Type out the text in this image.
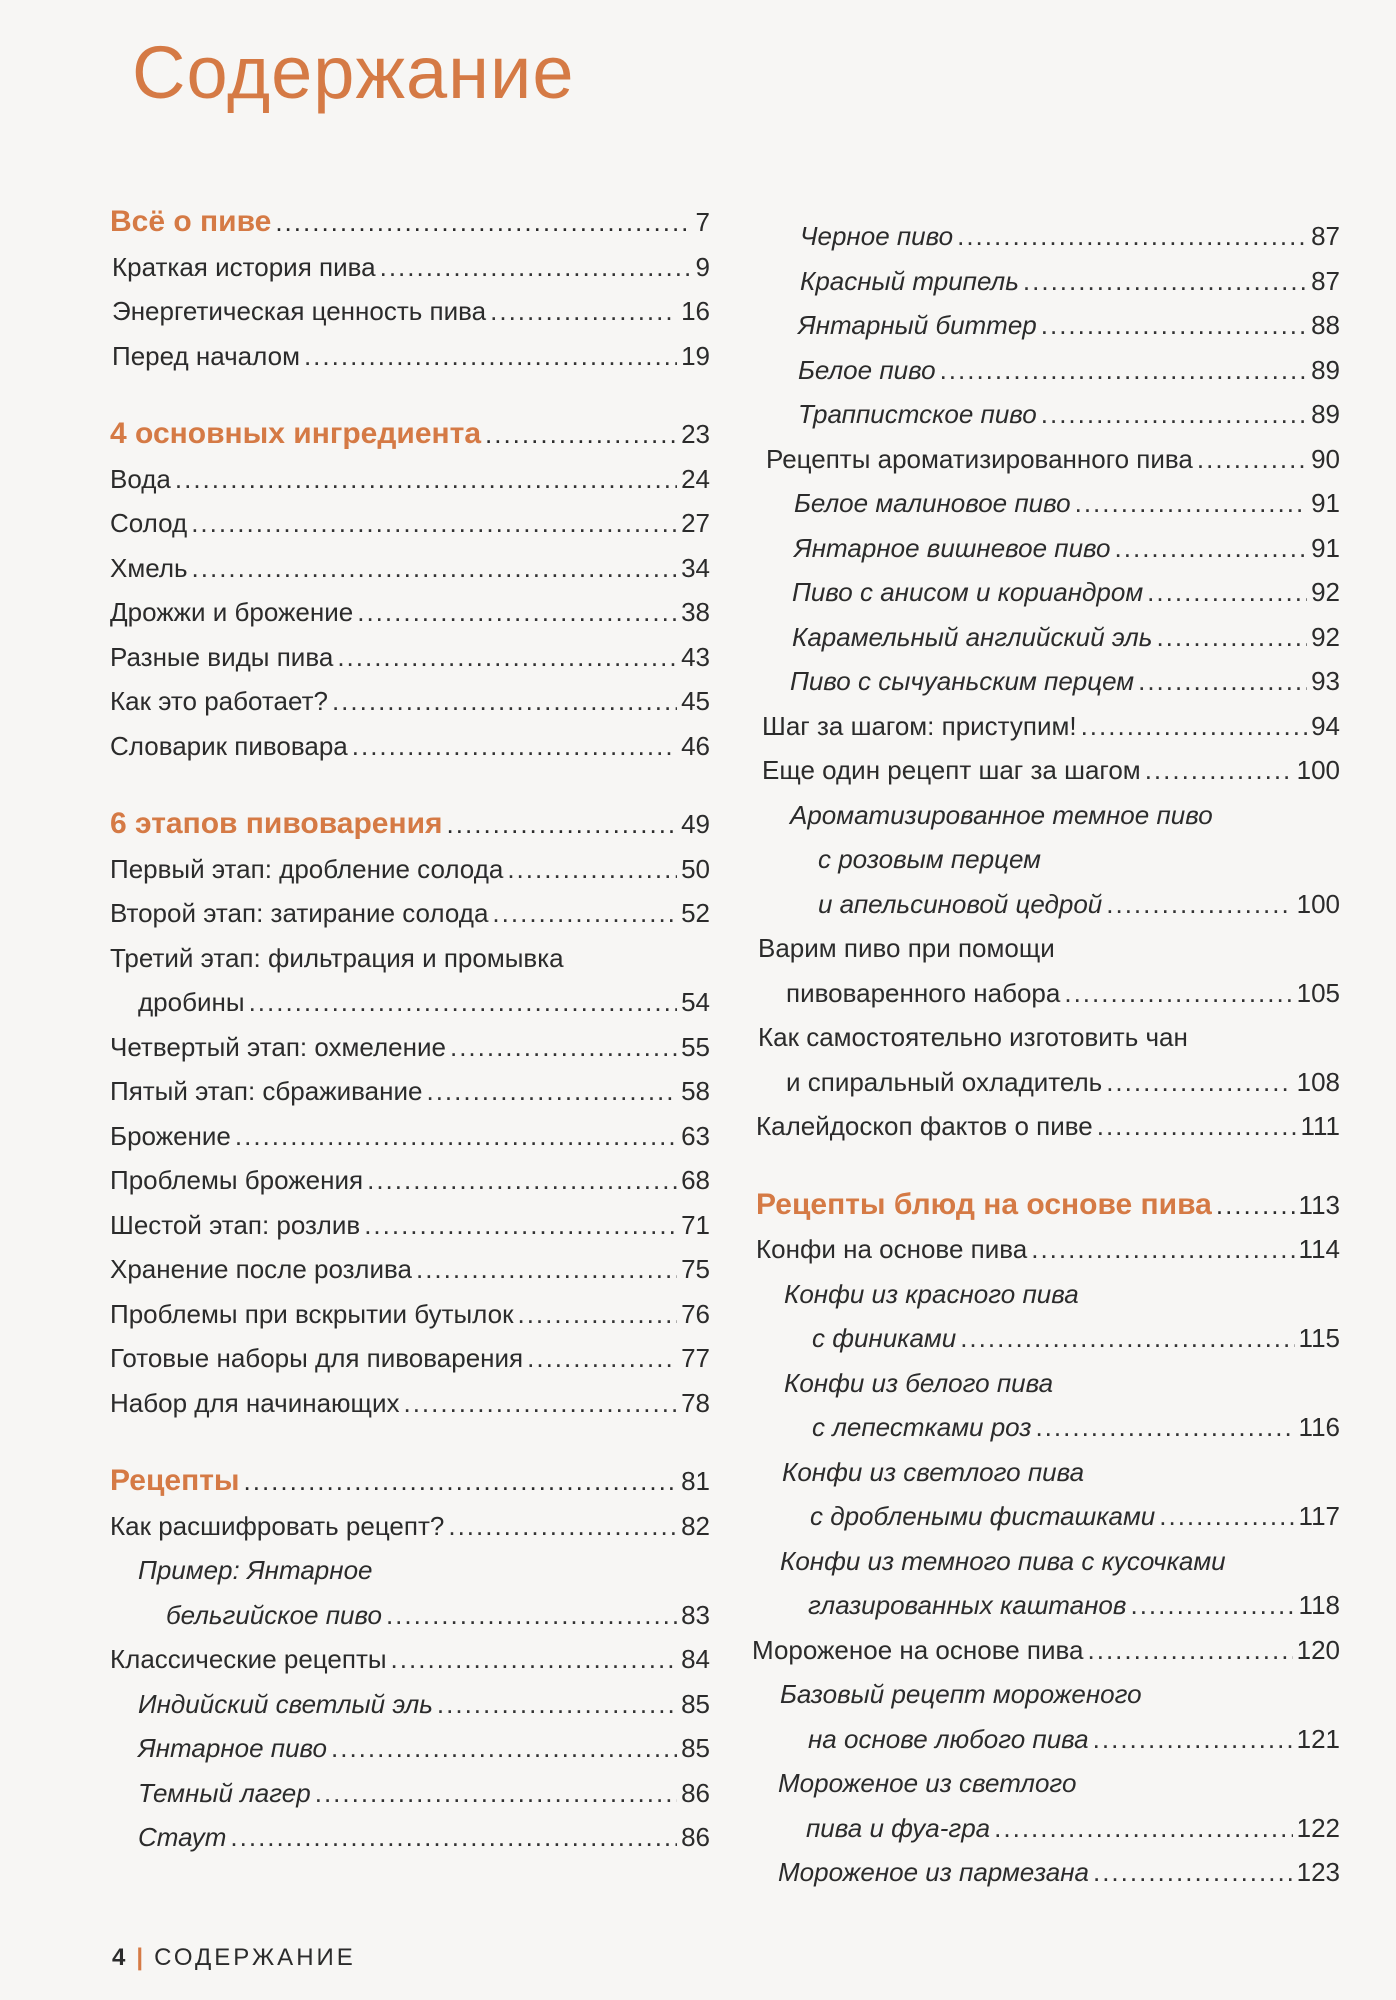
Содержание
Всё о пиве .....	7
Краткая история пива .....	9
Энергетическая ценность пива .....	16
Перед началом .....	19
4 основных ингредиента .....	23
Вода .....	24
Солод .....	27
Хмель .....	34
Дрожжи и брожение .....	38
Разные виды пива .....	43
Как это работает? .....	45
Словарик пивовара .....	46
6 этапов пивоварения .....	49
Первый этап: дробление солода .....	50
Второй этап: затирание солода .....	52
Третий этап: фильтрация и промывка
дробины .....	54
Четвертый этап: охмеление .....	55
Пятый этап: сбраживание .....	58
Брожение .....	63
Проблемы брожения .....	68
Шестой этап: розлив .....	71
Хранение после розлива .....	75
Проблемы при вскрытии бутылок .....	76
Готовые наборы для пивоварения .....	77
Набор для начинающих .....	78
Рецепты .....	81
Как расшифровать рецепт? .....	82
Пример: Янтарное
бельгийское пиво .....	83
Классические рецепты .....	84
Индийский светлый эль .....	85
Янтарное пиво .....	85
Темный лагер .....	86
Стаут .....	86
Черное пиво .....	87
Красный трипель .....	87
Янтарный биттер .....	88
Белое пиво .....	89
Траппистское пиво .....	89
Рецепты ароматизированного пива .....	90
Белое малиновое пиво .....	91
Янтарное вишневое пиво .....	91
Пиво с анисом и кориандром .....	92
Карамельный английский эль .....	92
Пиво с сычуаньским перцем .....	93
Шаг за шагом: приступим! .....	94
Еще один рецепт шаг за шагом .....	100
Ароматизированное темное пиво
с розовым перцем
и апельсиновой цедрой .....	100
Варим пиво при помощи
пивоваренного набора .....	105
Как самостоятельно изготовить чан
и спиральный охладитель .....	108
Калейдоскоп фактов о пиве .....	111
Рецепты блюд на основе пива .....	113
Конфи на основе пива .....	114
Конфи из красного пива
с финиками .....	115
Конфи из белого пива
с лепестками роз .....	116
Конфи из светлого пива
с дроблеными фисташками .....	117
Конфи из темного пива с кусочками
глазированных каштанов .....	118
Мороженое на основе пива .....	120
Базовый рецепт мороженого
на основе любого пива .....	121
Мороженое из светлого
пива и фуа-гра .....	122
Мороженое из пармезана .....	123
4 | СОДЕРЖАНИЕ
